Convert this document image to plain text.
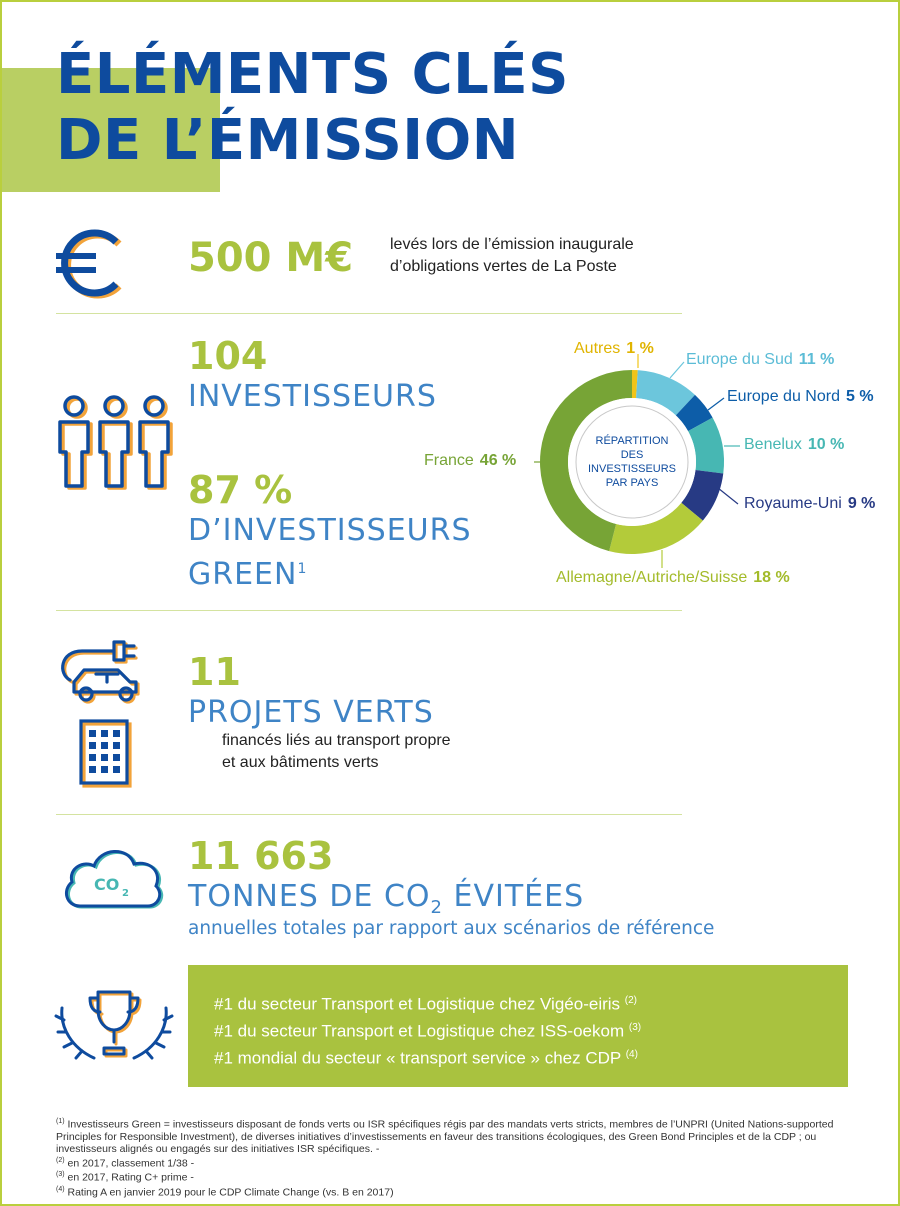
ÉLÉMENTS CLÉS
DE L’ÉMISSION

500 M€ levés lors de l’émission inaugurale
d’obligations vertes de La Poste

104

INVESTISSEURS

87 %

D’INVESTISSEURS
GREEN$^1$

RÉPARTITION
DES
INVESTISSEURS
PAR PAYS
Autres 1 %
Europe du Sud 11 %
Europe du Nord 5 %
Benelux 10 %
Royaume-Uni 9 %
Allemagne/Autriche/Suisse 18 %
France 46 %

11

PROJETS VERTS

financés liés au transport propre
et aux bâtiments verts

CO 2

11 663

TONNES DE $CO_2$ ÉVITÉES

annuelles totales par rapport aux scénarios de référence

#1 du secteur Transport et Logistique chez Vigéo-eiris $^{(2)}$
#1 du secteur Transport et Logistique chez ISS-oekom $^{(3)}$
#1 mondial du secteur « transport service » chez CDP $^{(4)}$

$^{(1)}$ Investisseurs Green = investisseurs disposant de fonds verts ou ISR spécifiques régis par des mandats verts stricts, membres de l’UNPRI (United Nations-supported Principles for Responsible Investment), de diverses initiatives d’investissements en faveur des transitions écologiques, des Green Bond Principles et de la CDP ; ou investisseurs alignés ou engagés sur des initiatives ISR spécifiques. -

$^{(2)}$ en 2017, classement 1/38 -

$^{(3)}$ en 2017, Rating C+ prime -

$^{(4)}$ Rating A en janvier 2019 pour le CDP Climate Change (vs. B en 2017)
